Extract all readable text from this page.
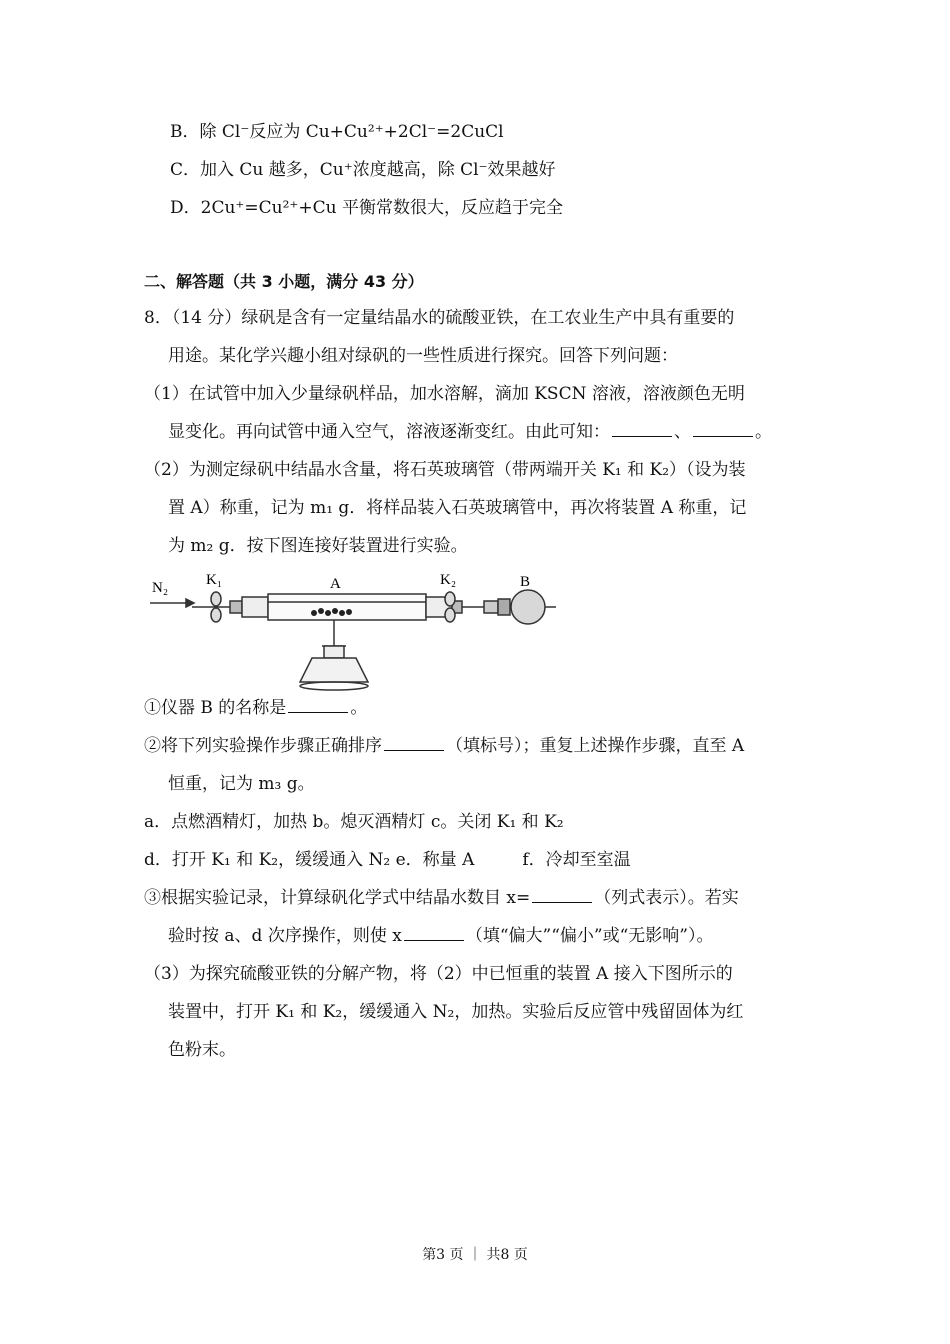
B．除 Cl⁻反应为 Cu+Cu²⁺+2Cl⁻=2CuCl
C．加入 Cu 越多，Cu⁺浓度越高，除 Cl⁻效果越好
D．2Cu⁺=Cu²⁺+Cu 平衡常数很大，反应趋于完全
二、解答题（共 3 小题，满分 43 分）
8．（14 分）绿矾是含有一定量结晶水的硫酸亚铁，在工农业生产中具有重要的
用途。某化学兴趣小组对绿矾的一些性质进行探究。回答下列问题：
（1）在试管中加入少量绿矾样品，加水溶解，滴加 KSCN 溶液，溶液颜色无明
显变化。再向试管中通入空气，溶液逐渐变红。由此可知：	、	。
（2）为测定绿矾中结晶水含量，将石英玻璃管（带两端开关 K₁ 和 K₂）（设为装
置 A）称重，记为 m₁ g．将样品装入石英玻璃管中，再次将装置 A 称重，记
为 m₂ g．按下图连接好装置进行实验。
N₂	K₁	A	K₂	B
①仪器 B 的名称是	。
②将下列实验操作步骤正确排序	（填标号）；重复上述操作步骤，直至 A
恒重，记为 m₃ g。
a．点燃酒精灯，加热 b。熄灭酒精灯 c。关闭 K₁ 和 K₂
d．打开 K₁ 和 K₂，缓缓通入 N₂ e．称量 A	f．冷却至室温
③根据实验记录，计算绿矾化学式中结晶水数目 x=	（列式表示）。若实
验时按 a、d 次序操作，则使 x	（填“偏大”“偏小”或“无影响”）。
（3）为探究硫酸亚铁的分解产物，将（2）中已恒重的装置 A 接入下图所示的
装置中，打开 K₁ 和 K₂，缓缓通入 N₂，加热。实验后反应管中残留固体为红
色粉末。
第3 页 ｜ 共8 页
